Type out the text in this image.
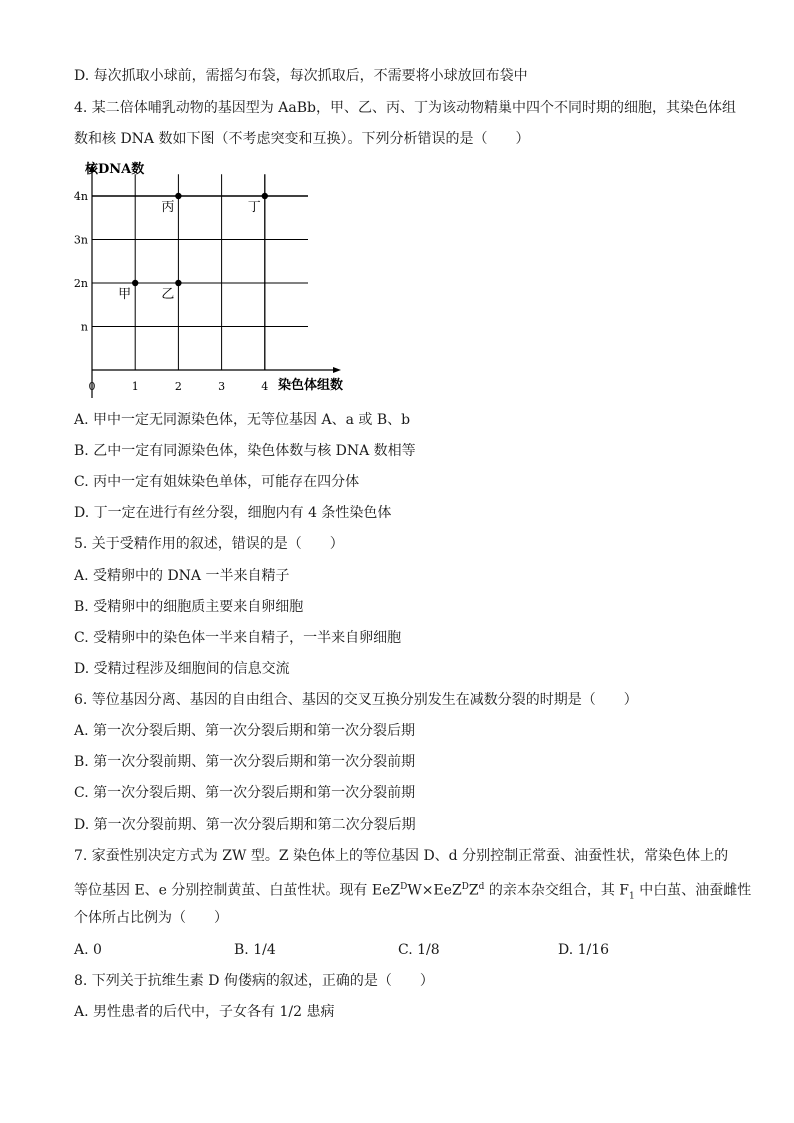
D. 每次抓取小球前，需摇匀布袋，每次抓取后，不需要将小球放回布袋中
4. 某二倍体哺乳动物的基因型为 AaBb，甲、乙、丙、丁为该动物精巢中四个不同时期的细胞，其染色体组
数和核 DNA 数如下图（不考虑突变和互换）。下列分析错误的是（　　）
核DNA数
染色体组数
0	1	2	3	4
n
2n
3n
4n
甲 乙
丙	丁
A. 甲中一定无同源染色体，无等位基因 A、a 或 B、b
B. 乙中一定有同源染色体，染色体数与核 DNA 数相等
C. 丙中一定有姐妹染色单体，可能存在四分体
D. 丁一定在进行有丝分裂，细胞内有 4 条性染色体
5. 关于受精作用的叙述，错误的是（　　）
A. 受精卵中的 DNA 一半来自精子
B. 受精卵中的细胞质主要来自卵细胞
C. 受精卵中的染色体一半来自精子，一半来自卵细胞
D. 受精过程涉及细胞间的信息交流
6. 等位基因分离、基因的自由组合、基因的交叉互换分别发生在减数分裂的时期是（　　）
A. 第一次分裂后期、第一次分裂后期和第一次分裂后期
B. 第一次分裂前期、第一次分裂后期和第一次分裂前期
C. 第一次分裂后期、第一次分裂后期和第一次分裂前期
D. 第一次分裂前期、第一次分裂后期和第二次分裂后期
7. 家蚕性别决定方式为 ZW 型。Z 染色体上的等位基因 D、d 分别控制正常蚕、油蚕性状，常染色体上的
等位基因 E、e 分别控制黄茧、白茧性状。现有 $EeZ^DW\times EeZ^DZ^d$ 的亲本杂交组合，其 $F_1$ 中白茧、油蚕雌性
个体所占比例为（　　）
A. 0	B. 1/4	C. 1/8	D. 1/16
8. 下列关于抗维生素 D 佝偻病的叙述，正确的是（　　）
A. 男性患者的后代中，子女各有 1/2 患病
